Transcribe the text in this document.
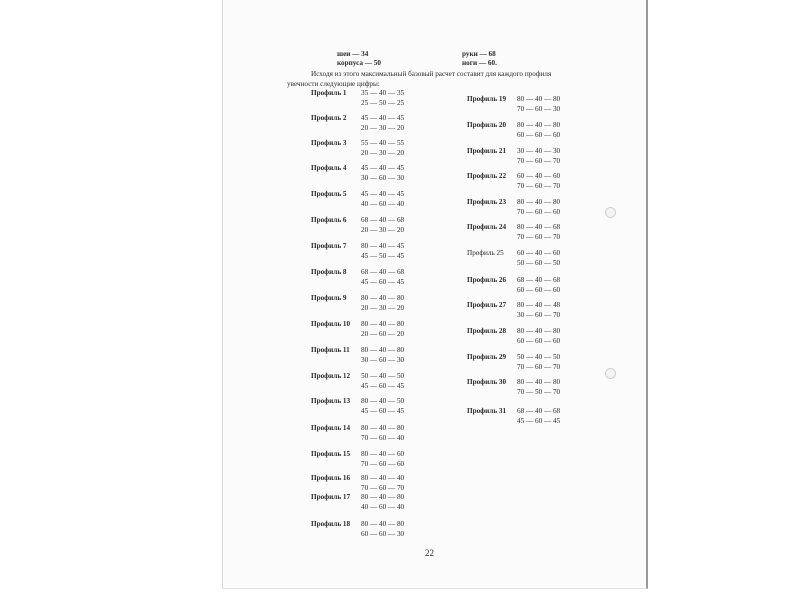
шеи — 34
корпуса — 50
руки — 68
ноги — 60.
Исходя из этого максимальный базовый расчет составит для каждого профиля увечности следующие цифры:
Профиль 1 35 — 40 — 35
25 — 50 — 25
Профиль 2 45 — 40 — 45
20 — 30 — 20
Профиль 3 55 — 40 — 55
20 — 30 — 20
Профиль 4 45 — 40 — 45
30 — 60 — 30
Профиль 5 45 — 40 — 45
40 — 60 — 40
Профиль 6 68 — 40 — 68
20 — 30 — 20
Профиль 7 80 — 40 — 45
45 — 50 — 45
Профиль 8 68 — 40 — 68
45 — 60 — 45
Профиль 9 80 — 40 — 80
20 — 30 — 20
Профиль 10 80 — 40 — 80
20 — 60 — 20
Профиль 11 80 — 40 — 80
30 — 60 — 30
Профиль 12 50 — 40 — 50
45 — 60 — 45
Профиль 13 80 — 40 — 50
45 — 60 — 45
Профиль 14 80 — 40 — 80
70 — 60 — 40
Профиль 15 80 — 40 — 60
70 — 60 — 60
Профиль 16 80 — 40 — 40
70 — 60 — 70
Профиль 17 80 — 40 — 80
40 — 60 — 40
Профиль 18 80 — 40 — 80
60 — 60 — 30
Профиль 19 80 — 40 — 80
70 — 60 — 30
Профиль 20 80 — 40 — 80
60 — 60 — 60
Профиль 21 30 — 40 — 30
70 — 60 — 70
Профиль 22 60 — 40 — 60
70 — 60 — 70
Профиль 23 80 — 40 — 80
70 — 60 — 60
Профиль 24 80 — 40 — 68
70 — 60 — 70
Профиль 25 60 — 40 — 60
50 — 60 — 50
Профиль 26 68 — 40 — 68
60 — 60 — 60
Профиль 27 80 — 40 — 48
30 — 60 — 70
Профиль 28 80 — 40 — 80
60 — 60 — 60
Профиль 29 50 — 40 — 50
70 — 60 — 70
Профиль 30 80 — 40 — 80
70 — 50 — 70
Профиль 31 68 — 40 — 68
45 — 60 — 45
22
